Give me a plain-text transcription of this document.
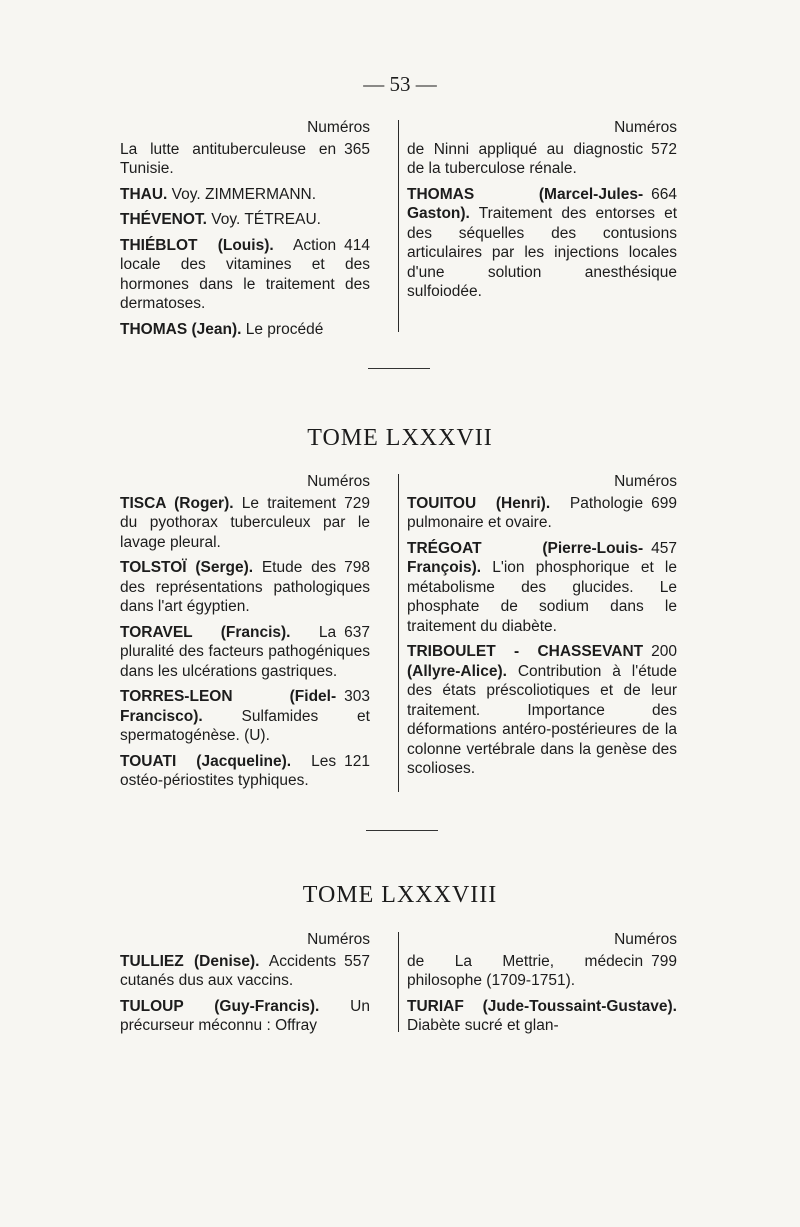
— 53 —
Numéros
365
La lutte antituberculeuse en Tunisie.
THAU. Voy. ZIMMERMANN.
THÉVENOT. Voy. TÉTREAU.
414
THIÉBLOT (Louis). Action locale des vitamines et des hormones dans le traitement des dermatoses.
THOMAS (Jean). Le procédé
Numéros
572
de Ninni appliqué au diagnostic de la tuberculose rénale.
664
THOMAS (Marcel-Jules-Gaston). Traitement des entorses et des séquelles des contusions articulaires par les injections locales d'une solution anesthésique sulfoiodée.
TOME LXXXVII
Numéros
729
TISCA (Roger). Le traitement du pyothorax tuberculeux par le lavage pleural.
798
TOLSTOÏ (Serge). Etude des des représentations pathologiques dans l'art égyptien.
637
TORAVEL (Francis). La pluralité des facteurs pathogéniques dans les ulcérations gastriques.
303
TORRES-LEON (Fidel-Francisco).	Sulfamides et spermatogénèse. (U).
121
TOUATI (Jacqueline). Les ostéo-périostites typhiques.
Numéros
699
TOUITOU (Henri). Pathologie pulmonaire et ovaire.
457
TRÉGOAT (Pierre-Louis-François). L'ion phosphorique et le métabolisme des glucides. Le phosphate de sodium dans le traitement du diabète.
200
TRIBOULET - CHASSEVANT (Allyre-Alice). Contribution à l'étude des états préscoliotiques et de leur traitement. Importance des déformations antéro-postérieures de la colonne vertébrale dans la genèse des scolioses.
TOME LXXXVIII
Numéros
557
TULLIEZ (Denise). Accidents cutanés dus aux vaccins.
TULOUP (Guy-Francis). Un précurseur méconnu : Offray
Numéros
799
de La Mettrie, médecin philosophe (1709-1751).
TURIAF (Jude-Toussaint-Gustave). Diabète sucré et glan-
